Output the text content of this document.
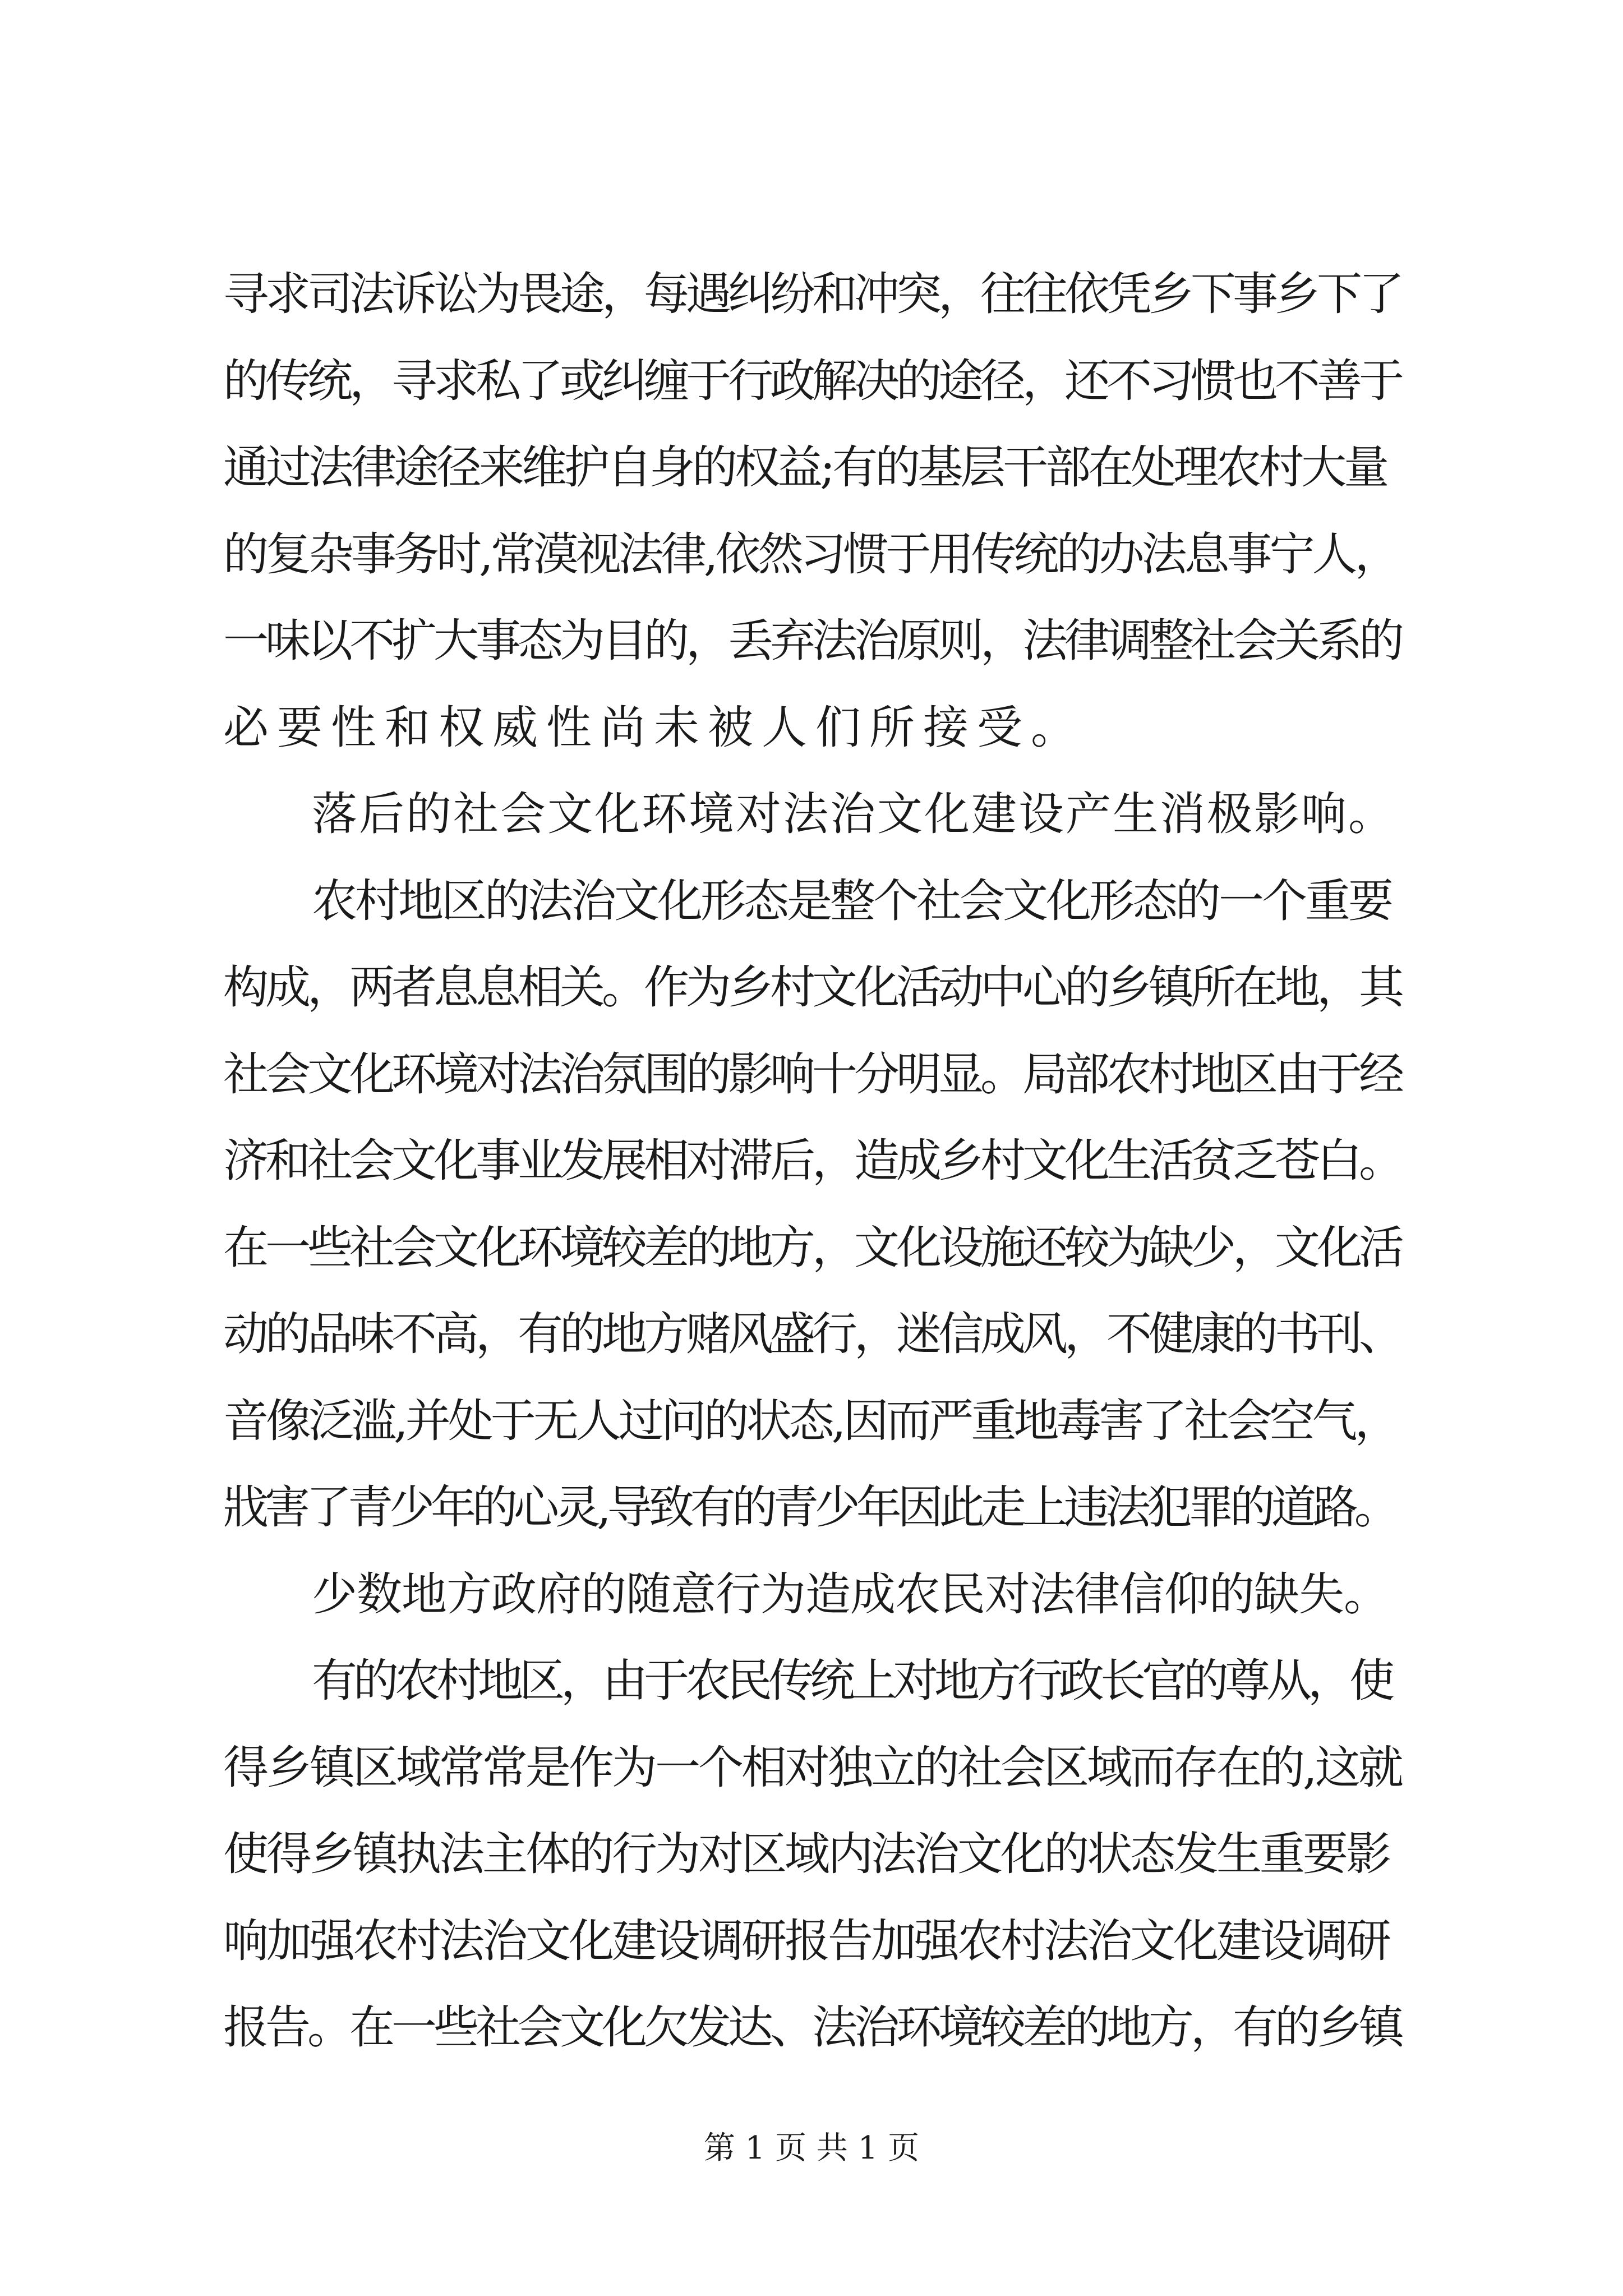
寻求司法诉讼为畏途，每遇纠纷和冲突，往往依凭乡下事乡下了
的传统，寻求私了或纠缠于行政解决的途径，还不习惯也不善于
通过法律途径来维护自身的权益;有的基层干部在处理农村大量
的复杂事务时,常漠视法律,依然习惯于用传统的办法息事宁人，
一味以不扩大事态为目的，丢弃法治原则，法律调整社会关系的
必要性和权威性尚未被人们所接受。
落后的社会文化环境对法治文化建设产生消极影响。
农村地区的法治文化形态是整个社会文化形态的一个重要
构成，两者息息相关。作为乡村文化活动中心的乡镇所在地，其
社会文化环境对法治氛围的影响十分明显。局部农村地区由于经
济和社会文化事业发展相对滞后，造成乡村文化生活贫乏苍白。
在一些社会文化环境较差的地方，文化设施还较为缺少，文化活
动的品味不高，有的地方赌风盛行，迷信成风，不健康的书刊、
音像泛滥,并处于无人过问的状态,因而严重地毒害了社会空气，
戕害了青少年的心灵,导致有的青少年因此走上违法犯罪的道路。
少数地方政府的随意行为造成农民对法律信仰的缺失。
有的农村地区，由于农民传统上对地方行政长官的尊从，使
得乡镇区域常常是作为一个相对独立的社会区域而存在的,这就
使得乡镇执法主体的行为对区域内法治文化的状态发生重要影
响加强农村法治文化建设调研报告加强农村法治文化建设调研
报告。在一些社会文化欠发达、法治环境较差的地方，有的乡镇
第 1 页 共 1 页
